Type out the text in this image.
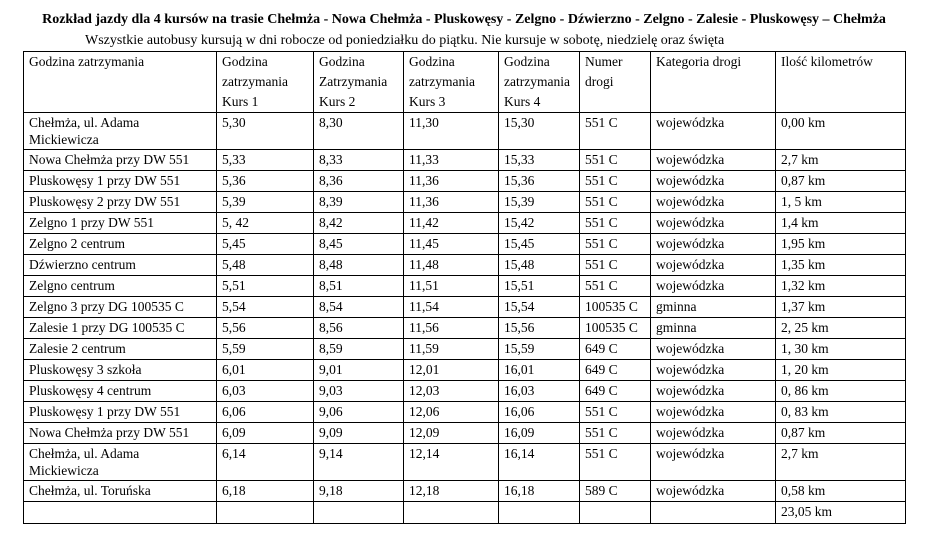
Rozkład jazdy dla 4 kursów na trasie Chełmża - Nowa Chełmża - Pluskowęsy - Zelgno - Dźwierzno - Zelgno - Zalesie - Pluskowęsy – Chełmża
Wszystkie autobusy kursują w dni robocze od poniedziałku do piątku. Nie kursuje w sobotę, niedzielę oraz święta
Godzina zatrzymania	Godzina zatrzymania Kurs 1	Godzina Zatrzymania Kurs 2	Godzina zatrzymania Kurs 3	Godzina zatrzymania Kurs 4	Numer drogi	Kategoria drogi	Ilość kilometrów
Chełmża, ul. Adama Mickiewicza	5,30	8,30	11,30	15,30	551 C	wojewódzka	0,00 km
Nowa Chełmża przy DW 551	5,33	8,33	11,33	15,33	551 C	wojewódzka	2,7 km
Pluskowęsy 1 przy DW 551	5,36	8,36	11,36	15,36	551 C	wojewódzka	0,87 km
Pluskowęsy 2 przy DW 551	5,39	8,39	11,36	15,39	551 C	wojewódzka	1, 5 km
Zelgno 1 przy DW 551	5, 42	8,42	11,42	15,42	551 C	wojewódzka	1,4 km
Zelgno 2 centrum	5,45	8,45	11,45	15,45	551 C	wojewódzka	1,95 km
Dźwierzno centrum	5,48	8,48	11,48	15,48	551 C	wojewódzka	1,35 km
Zelgno centrum	5,51	8,51	11,51	15,51	551 C	wojewódzka	1,32 km
Zelgno 3 przy DG 100535 C	5,54	8,54	11,54	15,54	100535 C	gminna	1,37 km
Zalesie 1 przy DG 100535 C	5,56	8,56	11,56	15,56	100535 C	gminna	2, 25 km
Zalesie 2 centrum	5,59	8,59	11,59	15,59	649 C	wojewódzka	1, 30 km
Pluskowęsy 3 szkoła	6,01	9,01	12,01	16,01	649 C	wojewódzka	1, 20 km
Pluskowęsy 4 centrum	6,03	9,03	12,03	16,03	649 C	wojewódzka	0, 86 km
Pluskowęsy 1 przy DW 551	6,06	9,06	12,06	16,06	551 C	wojewódzka	0, 83 km
Nowa Chełmża przy DW 551	6,09	9,09	12,09	16,09	551 C	wojewódzka	0,87 km
Chełmża, ul. Adama Mickiewicza	6,14	9,14	12,14	16,14	551 C	wojewódzka	2,7 km
Chełmża, ul. Toruńska	6,18	9,18	12,18	16,18	589 C	wojewódzka	0,58 km
							23,05 km
